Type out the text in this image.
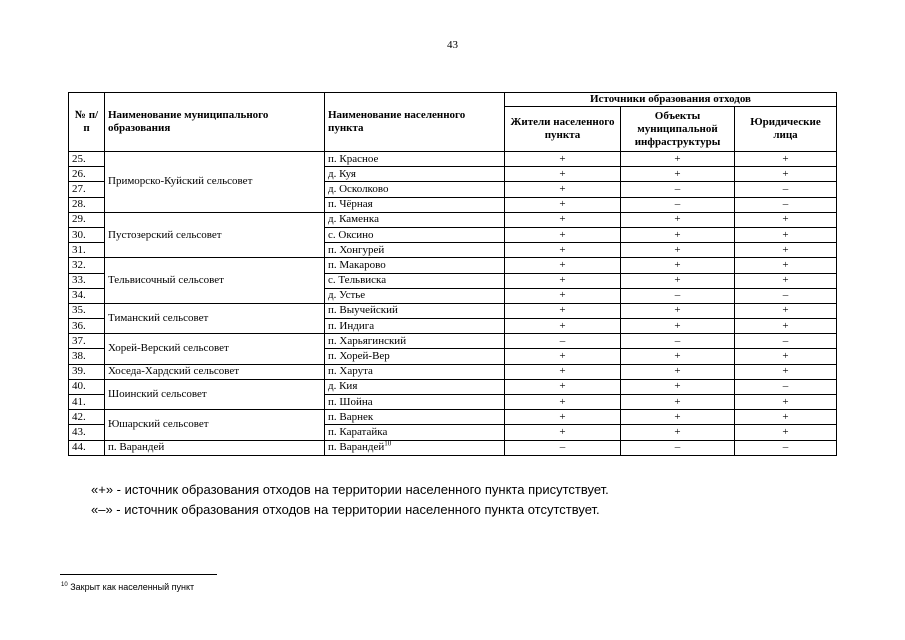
43
№ п/п	Наименование муниципального образования	Наименование населенного пункта	Источники образования отходов		
			Жители населенного пункта	Объекты муниципальной инфраструктуры	Юридические лица
25.	Приморско-Куйский сельсовет	п. Красное	+	+	+
26.		д. Куя	+	+	+
27.		д. Осколково	+	–	–
28.		п. Чёрная	+	–	–
29.	Пустозерский сельсовет	д. Каменка	+	+	+
30.		с. Оксино	+	+	+
31.		п. Хонгурей	+	+	+
32.	Тельвисочный сельсовет	п. Макарово	+	+	+
33.		с. Тельвиска	+	+	+
34.		д. Устье	+	–	–
35.	Тиманский сельсовет	п. Выучейский	+	+	+
36.		п. Индига	+	+	+
37.	Хорей-Верский сельсовет	п. Харьягинский	–	–	–
38.		п. Хорей-Вер	+	+	+
39.	Хоседа-Хардский сельсовет	п. Харута	+	+	+
40.	Шоинский сельсовет	д. Кия	+	+	–
41.		п. Шойна	+	+	+
42.	Юшарский сельсовет	п. Варнек	+	+	+
43.		п. Каратайка	+	+	+
44.	п. Варандей	п. Варандей$^{10}$	–	–	–
«+» - источник образования отходов на территории населенного пункта присутствует.
«–» - источник образования отходов на территории населенного пункта отсутствует.
$^{10}$ Закрыт как населенный пункт
